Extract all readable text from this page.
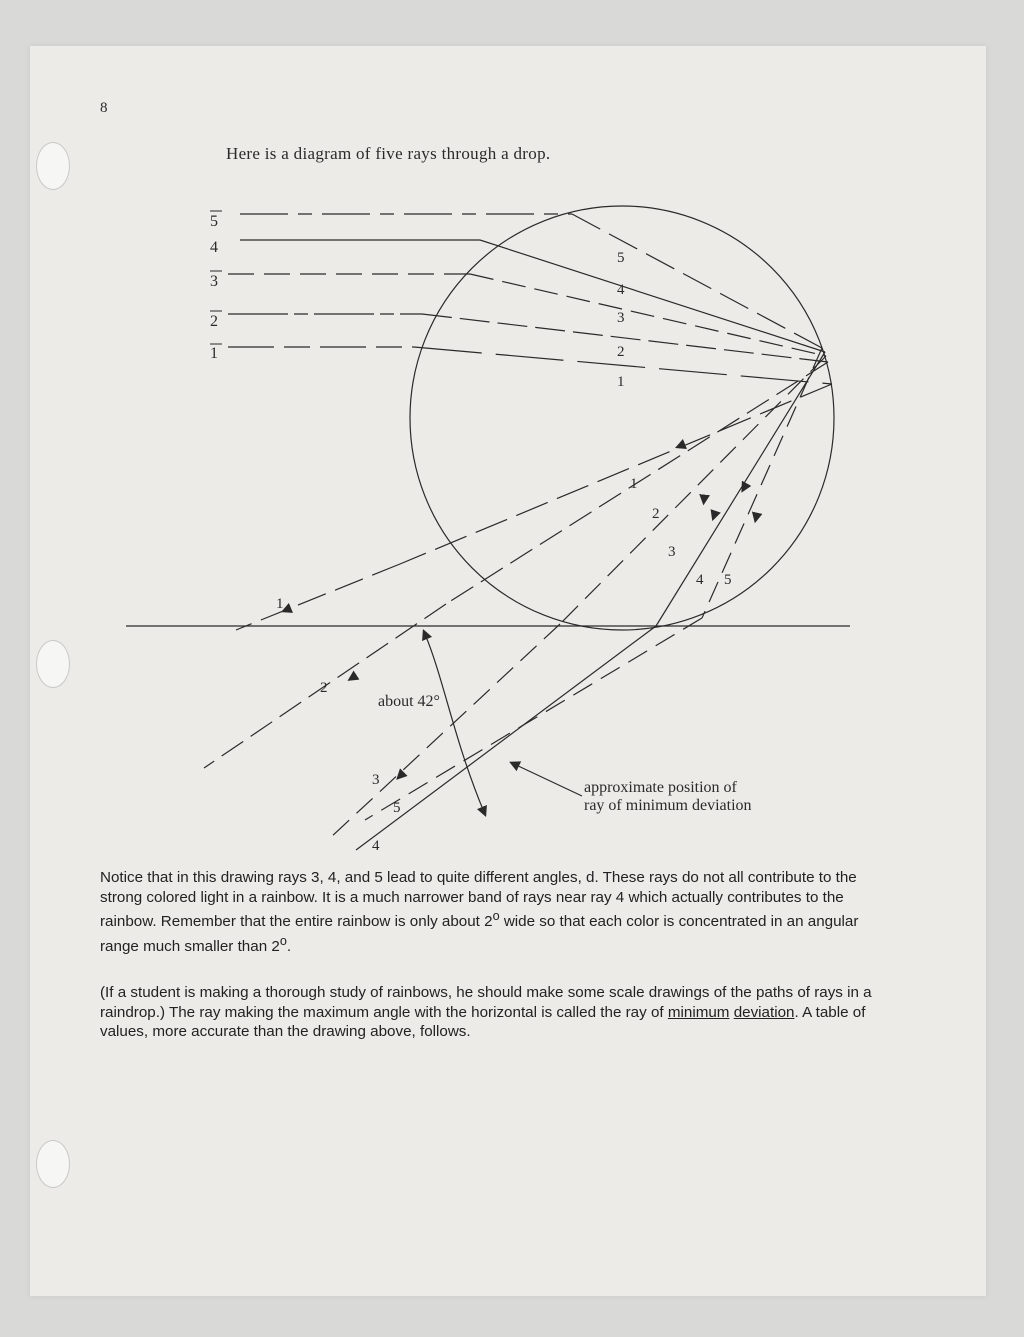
8
Here is a diagram of five rays through a drop.
5
4
3
2
1
5
4
3
2
1
1
2
3
4 5
1
2
3
5
4
about 42°
approximate position of
ray of minimum deviation
Notice that in this drawing rays 3, 4, and 5 lead to quite different angles, d. These rays do not all contribute to the strong colored light in a rainbow. It is a much narrower band of rays near ray 4 which actually contributes to the rainbow. Remember that the entire rainbow is only about 2$^o$ wide so that each color is concentrated in an angular range much smaller than 2$^o$.
(If a student is making a thorough study of rainbows, he should make some scale drawings of the paths of rays in a raindrop.) The ray making the maximum angle with the horizontal is called the ray of minimum deviation. A table of values, more accurate than the drawing above, follows.
